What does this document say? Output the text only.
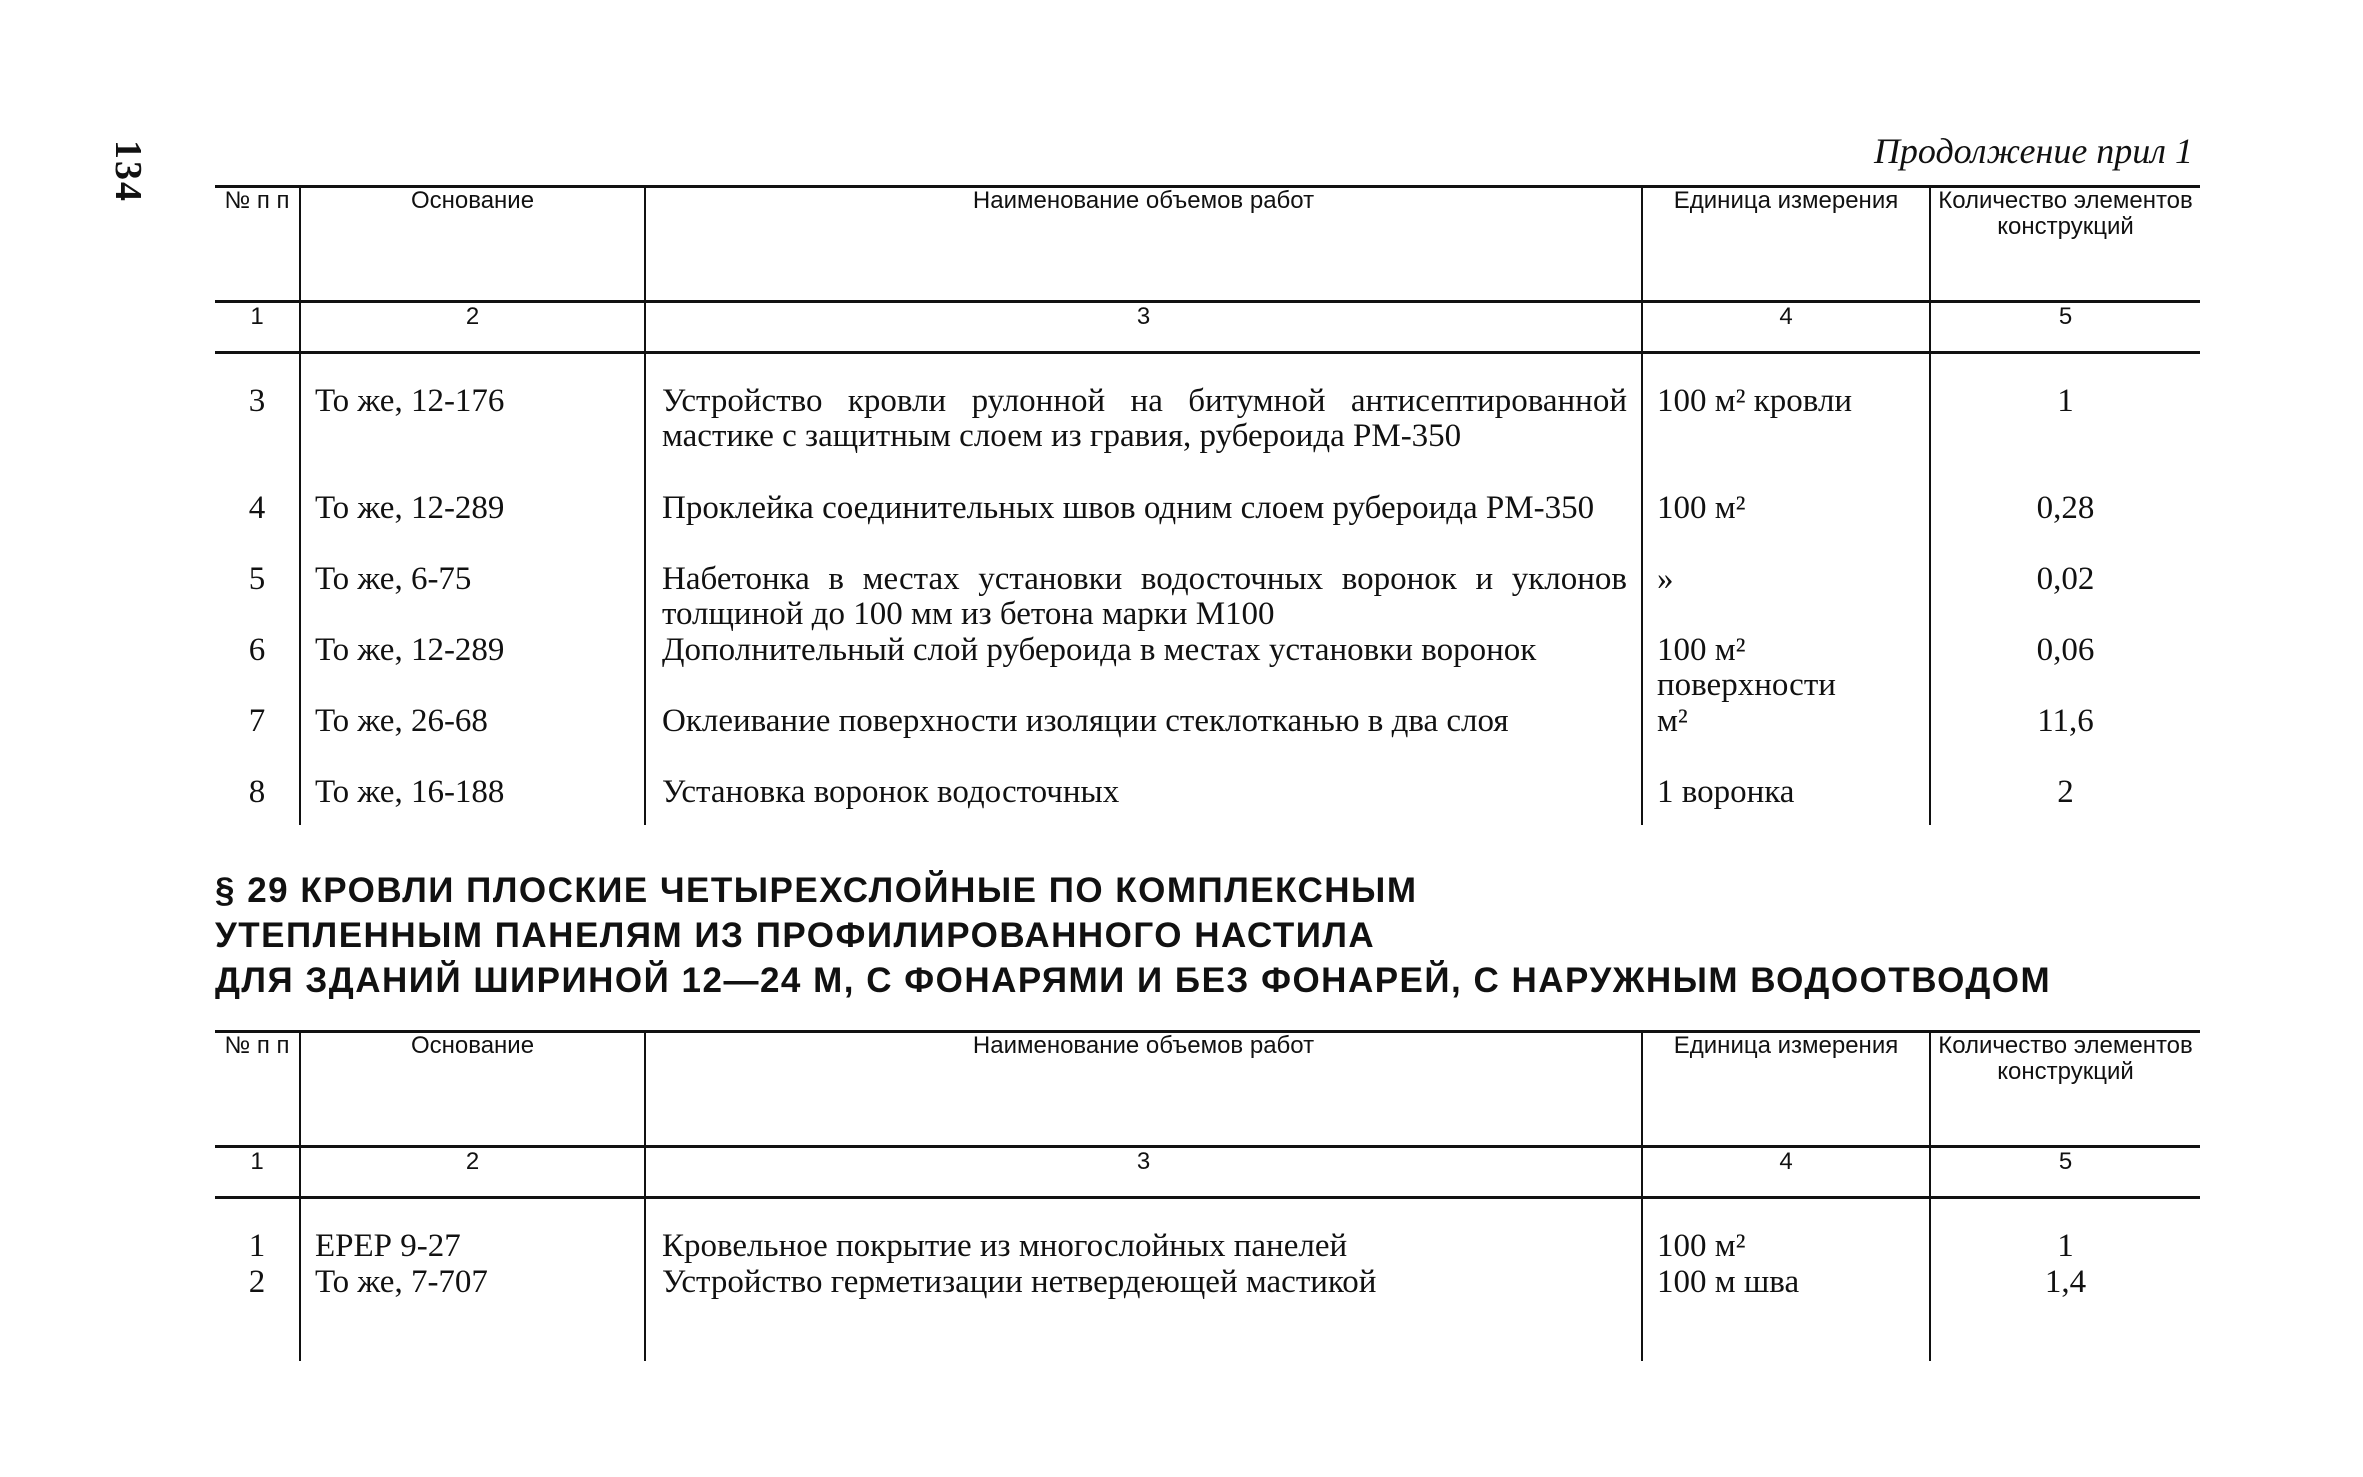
134	Продолжение прил 1
№ п п	Основание	Наименование объемов работ	Единица измерения	Количество элементов конструкций
1	2	3	4	5

3	То же, 12-176	Устройство кровли рулонной на битумной антисептированной мастике с защитным слоем из гравия, рубероида РМ-350	100 м² кровли	1
4	То же, 12-289	Проклейка соединительных швов одним слоем рубероида РМ-350	100 м²	0,28
5	То же, 6-75	Набетонка в местах установки водосточных воронок и уклонов толщиной до 100 мм из бетона марки М100	»	0,02
6	То же, 12-289	Дополнительный слой рубероида в местах установки воронок	100 м² поверхности	0,06
7	То же, 26-68	Оклеивание поверхности изоляции стеклотканью в два слоя	м²	11,6
8	То же, 16-188	Установка воронок водосточных	1 воронка	2

§ 29 КРОВЛИ ПЛОСКИЕ ЧЕТЫРЕХСЛОЙНЫЕ ПО КОМПЛЕКСНЫМ
УТЕПЛЕННЫМ ПАНЕЛЯМ ИЗ ПРОФИЛИРОВАННОГО НАСТИЛА
ДЛЯ ЗДАНИЙ ШИРИНОЙ 12—24 М, С ФОНАРЯМИ И БЕЗ ФОНАРЕЙ, С НАРУЖНЫМ ВОДООТВОДОМ
№ п п	Основание	Наименование объемов работ	Единица измерения	Количество элементов конструкций
1	2	3	4	5

1	ЕРЕР 9-27	Кровельное покрытие из многослойных панелей	100 м²	1
2	То же, 7-707	Устройство герметизации нетвердеющей мастикой	100 м шва	1,4
